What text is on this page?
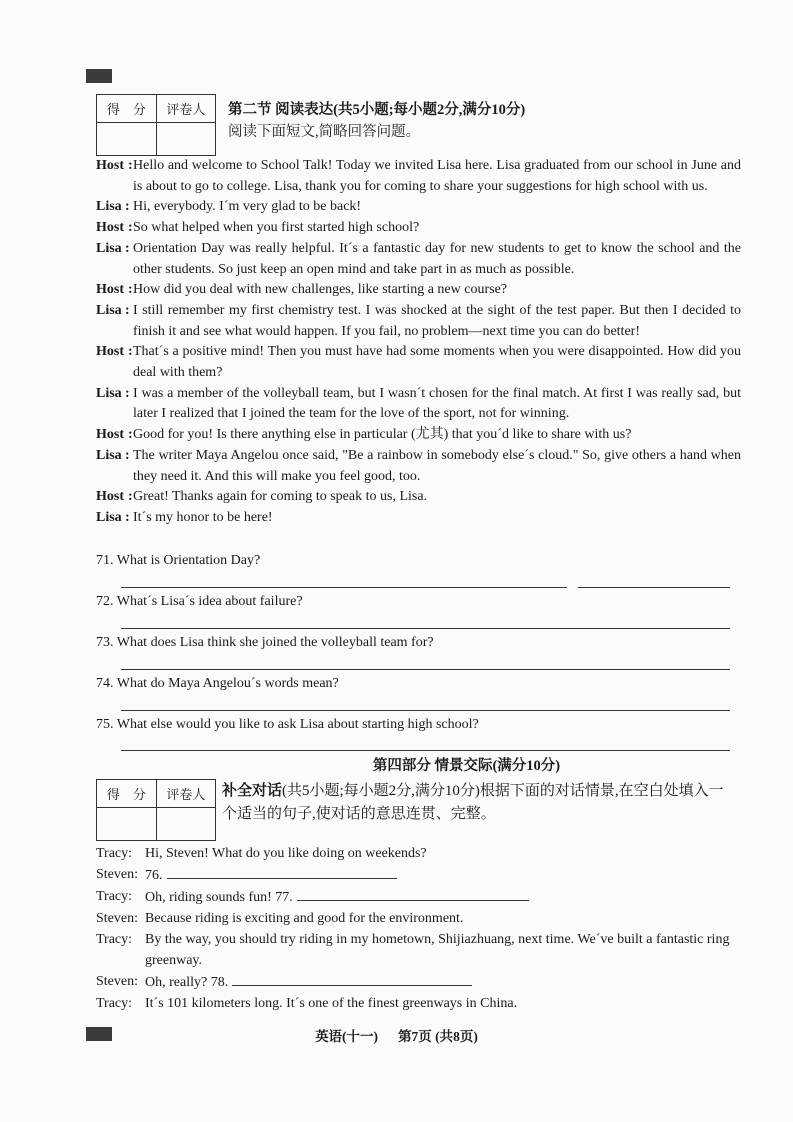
得　分	评卷人
	第二节 阅读表达(共5小题;每小题2分,满分10分)
阅读下面短文,简略回答问题。
Host : Hello and welcome to School Talk! Today we invited Lisa here. Lisa graduated from our school in June and is about to go to college. Lisa, thank you for coming to share your suggestions for high school with us.
Lisa : Hi, everybody. I´m very glad to be back!
Host : So what helped when you first started high school?
Lisa : Orientation Day was really helpful. It´s a fantastic day for new students to get to know the school and the other students. So just keep an open mind and take part in as much as possible.
Host : How did you deal with new challenges, like starting a new course?
Lisa : I still remember my first chemistry test. I was shocked at the sight of the test paper. But then I decided to finish it and see what would happen. If you fail, no problem—next time you can do better!
Host : That´s a positive mind! Then you must have had some moments when you were disappointed. How did you deal with them?
Lisa : I was a member of the volleyball team, but I wasn´t chosen for the final match. At first I was really sad, but later I realized that I joined the team for the love of the sport, not for winning.
Host : Good for you! Is there anything else in particular (尤其) that you´d like to share with us?
Lisa : The writer Maya Angelou once said, "Be a rainbow in somebody else´s cloud." So, give others a hand when they need it. And this will make you feel good, too.
Host : Great! Thanks again for coming to speak to us, Lisa.
Lisa : It´s my honor to be here!
71. What is Orientation Day?
72. What´s Lisa´s idea about failure?
73. What does Lisa think she joined the volleyball team for?
74. What do Maya Angelou´s words mean?
75. What else would you like to ask Lisa about starting high school?
第四部分 情景交际(满分10分)
得　分	评卷人
	补全对话(共5小题;每小题2分,满分10分)根据下面的对话情景,在空白处填入一个适当的句子,使对话的意思连贯、完整。
Tracy: Hi, Steven! What do you like doing on weekends?
Steven: 76.
Tracy: Oh, riding sounds fun! 77.
Steven: Because riding is exciting and good for the environment.
Tracy: By the way, you should try riding in my hometown, Shijiazhuang, next time. We´ve built a fantastic ring greenway.
Steven: Oh, really? 78.
Tracy: It´s 101 kilometers long. It´s one of the finest greenways in China.
英语(十一) 第7页 (共8页)
